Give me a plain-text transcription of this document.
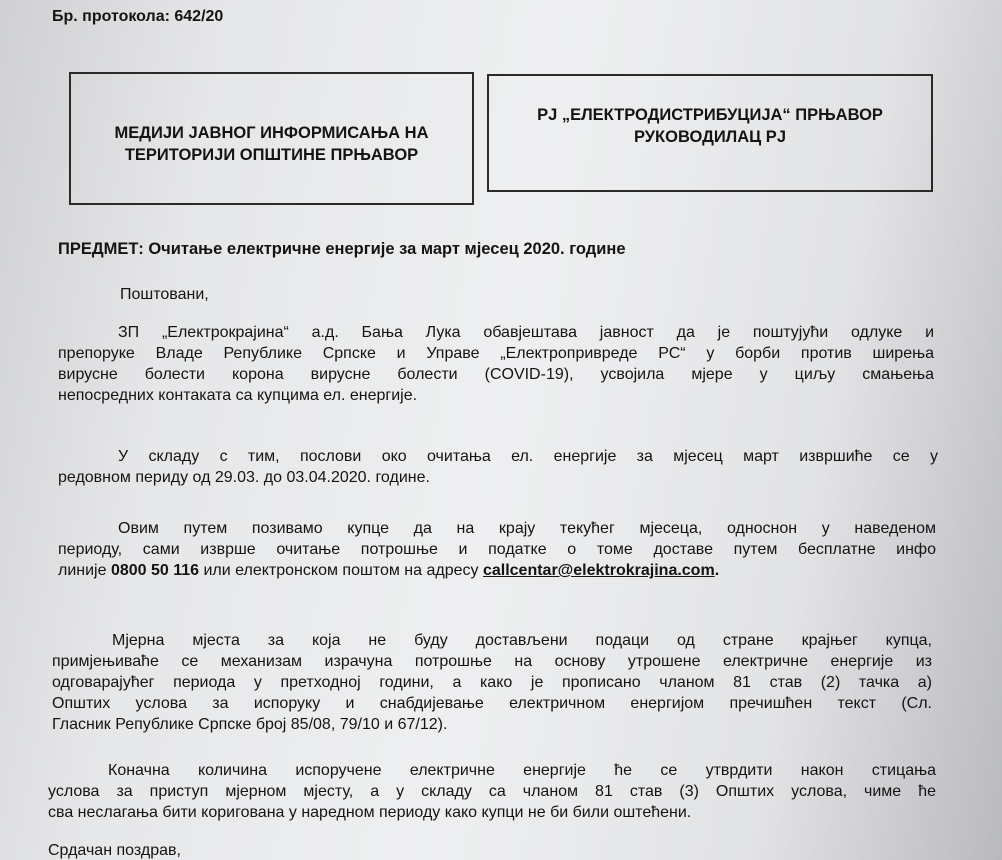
Бр. протокола: 642/20
МЕДИЈИ ЈАВНОГ ИНФОРМИСАЊА НА
ТЕРИТОРИЈИ ОПШТИНЕ ПРЊАВОР
РЈ „ЕЛЕКТРОДИСТРИБУЦИЈА“ ПРЊАВОР
РУКОВОДИЛАЦ РЈ
ПРЕДМЕТ: Очитање електричне енергије за март мјесец 2020. године
Поштовани,
ЗП „Електрокрајина“ а.д. Бања Лука обавјештава јавност да је поштујући одлуке и
препоруке Владе Републике Српске и Управе „Електропривреде РС“ у борби против ширења
вирусне болести корона вирусне болести (COVID-19), усвојила мјере у циљу смањења
непосредних контаката са купцима ел. енергије.
У складу с тим, послови око очитања ел. енергије за мјесец март извршиће се у
редовном периду од 29.03. до 03.04.2020. године.
Овим путем позивамо купце да на крају текућег мјесеца, односнон у наведеном
периоду, сами изврше очитање потрошње и податке о томе доставе путем бесплатне инфо
линије 0800 50 116 или електронском поштом на адресу callcentar@elektrokrajina.com.
Мјерна мјеста за која не буду достављени подаци од стране крајњег купца,
примјењиваће се механизам израчуна потрошње на основу утрошене електричне енергије из
одговарајућег периода у претходној години, а како је прописано чланом 81 став (2) тачка а)
Општих услова за испоруку и снабдијевање електричном енергијом пречишћен текст (Сл.
Гласник Републике Српске број 85/08, 79/10 и 67/12).
Коначна количина испоручене електричне енергије ће се утврдити након стицања
услова за приступ мјерном мјесту, а у складу са чланом 81 став (3) Општих услова, чиме ће
сва неслагања бити коригована у наредном периоду како купци не би били оштећени.
Срдачан поздрав,
